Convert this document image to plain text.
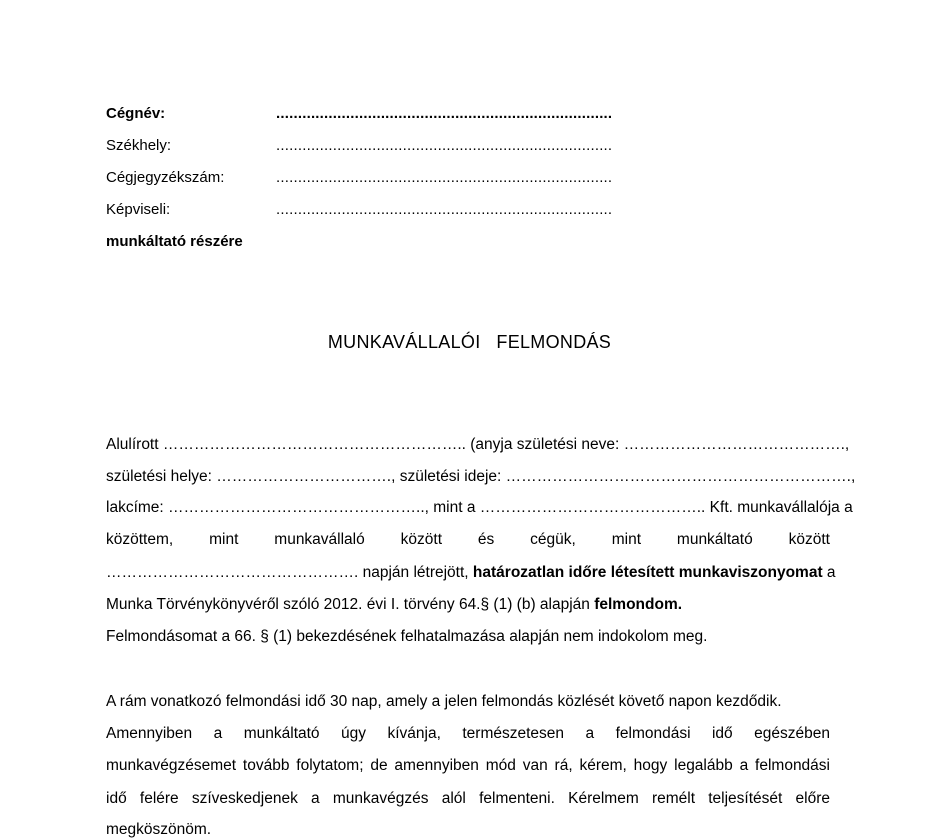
Cégnév:	.............................................................................
Székhely:	.............................................................................
Cégjegyzékszám:	.............................................................................
Képviseli:	.............................................................................
munkáltató részére
MUNKAVÁLLALÓI   FELMONDÁS
Alulírott ………………………………………………….. (anyja születési neve: …………………………………….,
születési helye: ……………………………., születési ideje: ………………………………………………………….,
lakcíme: ………………………………………….., mint a …………………………………….. Kft. munkavállalója a
közöttem, mint munkavállaló között és cégük, mint munkáltató között
…………………………………………. napján létrejött, határozatlan időre létesített munkaviszonyomat a
Munka Törvénykönyvéről szóló 2012. évi I. törvény 64.§ (1) (b) alapján felmondom.
Felmondásomat a 66. § (1) bekezdésének felhatalmazása alapján nem indokolom meg.
A rám vonatkozó felmondási idő 30 nap, amely a jelen felmondás közlését követő napon kezdődik.
Amennyiben a munkáltató úgy kívánja, természetesen a felmondási idő egészében
munkavégzésemet tovább folytatom; de amennyiben mód van rá, kérem, hogy legalább a felmondási
idő felére szíveskedjenek a munkavégzés alól felmenteni. Kérelmem remélt teljesítését előre
megköszönöm.
